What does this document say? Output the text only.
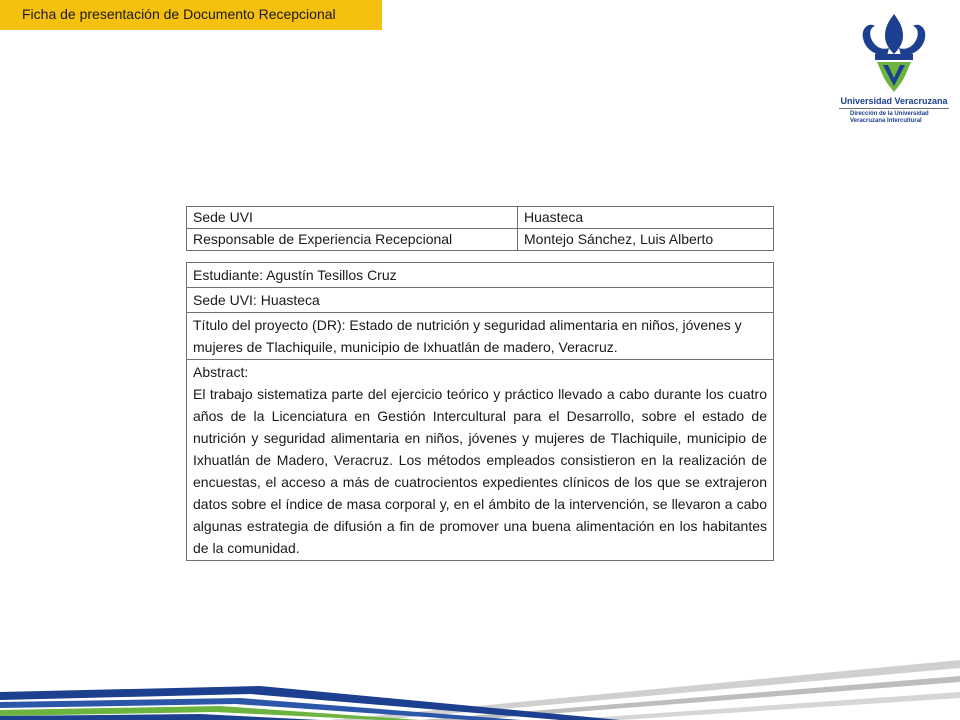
Ficha de presentación de Documento Recepcional
Universidad Veracruzana
Dirección de la Universidad
Veracruzana Intercultural
Sede UVI	Huasteca
Responsable de Experiencia Recepcional	Montejo Sánchez, Luis Alberto
Estudiante: Agustín Tesillos Cruz
Sede UVI: Huasteca
Título del proyecto (DR): Estado de nutrición y seguridad alimentaria en niños, jóvenes y mujeres de Tlachiquile, municipio de Ixhuatlán de madero, Veracruz.

Abstract:
El trabajo sistematiza parte del ejercicio teórico y práctico llevado a cabo durante los cuatro años de la Licenciatura en Gestión Intercultural para el Desarrollo, sobre el estado de nutrición y seguridad alimentaria en niños, jóvenes y mujeres de Tlachiquile, municipio de Ixhuatlán de Madero, Veracruz. Los métodos empleados consistieron en la realización de encuestas, el acceso a más de cuatrocientos expedientes clínicos de los que se extrajeron datos sobre el índice de masa corporal y, en el ámbito de la intervención, se llevaron a cabo algunas estrategia de difusión a fin de promover una buena alimentación en los habitantes de la comunidad.
